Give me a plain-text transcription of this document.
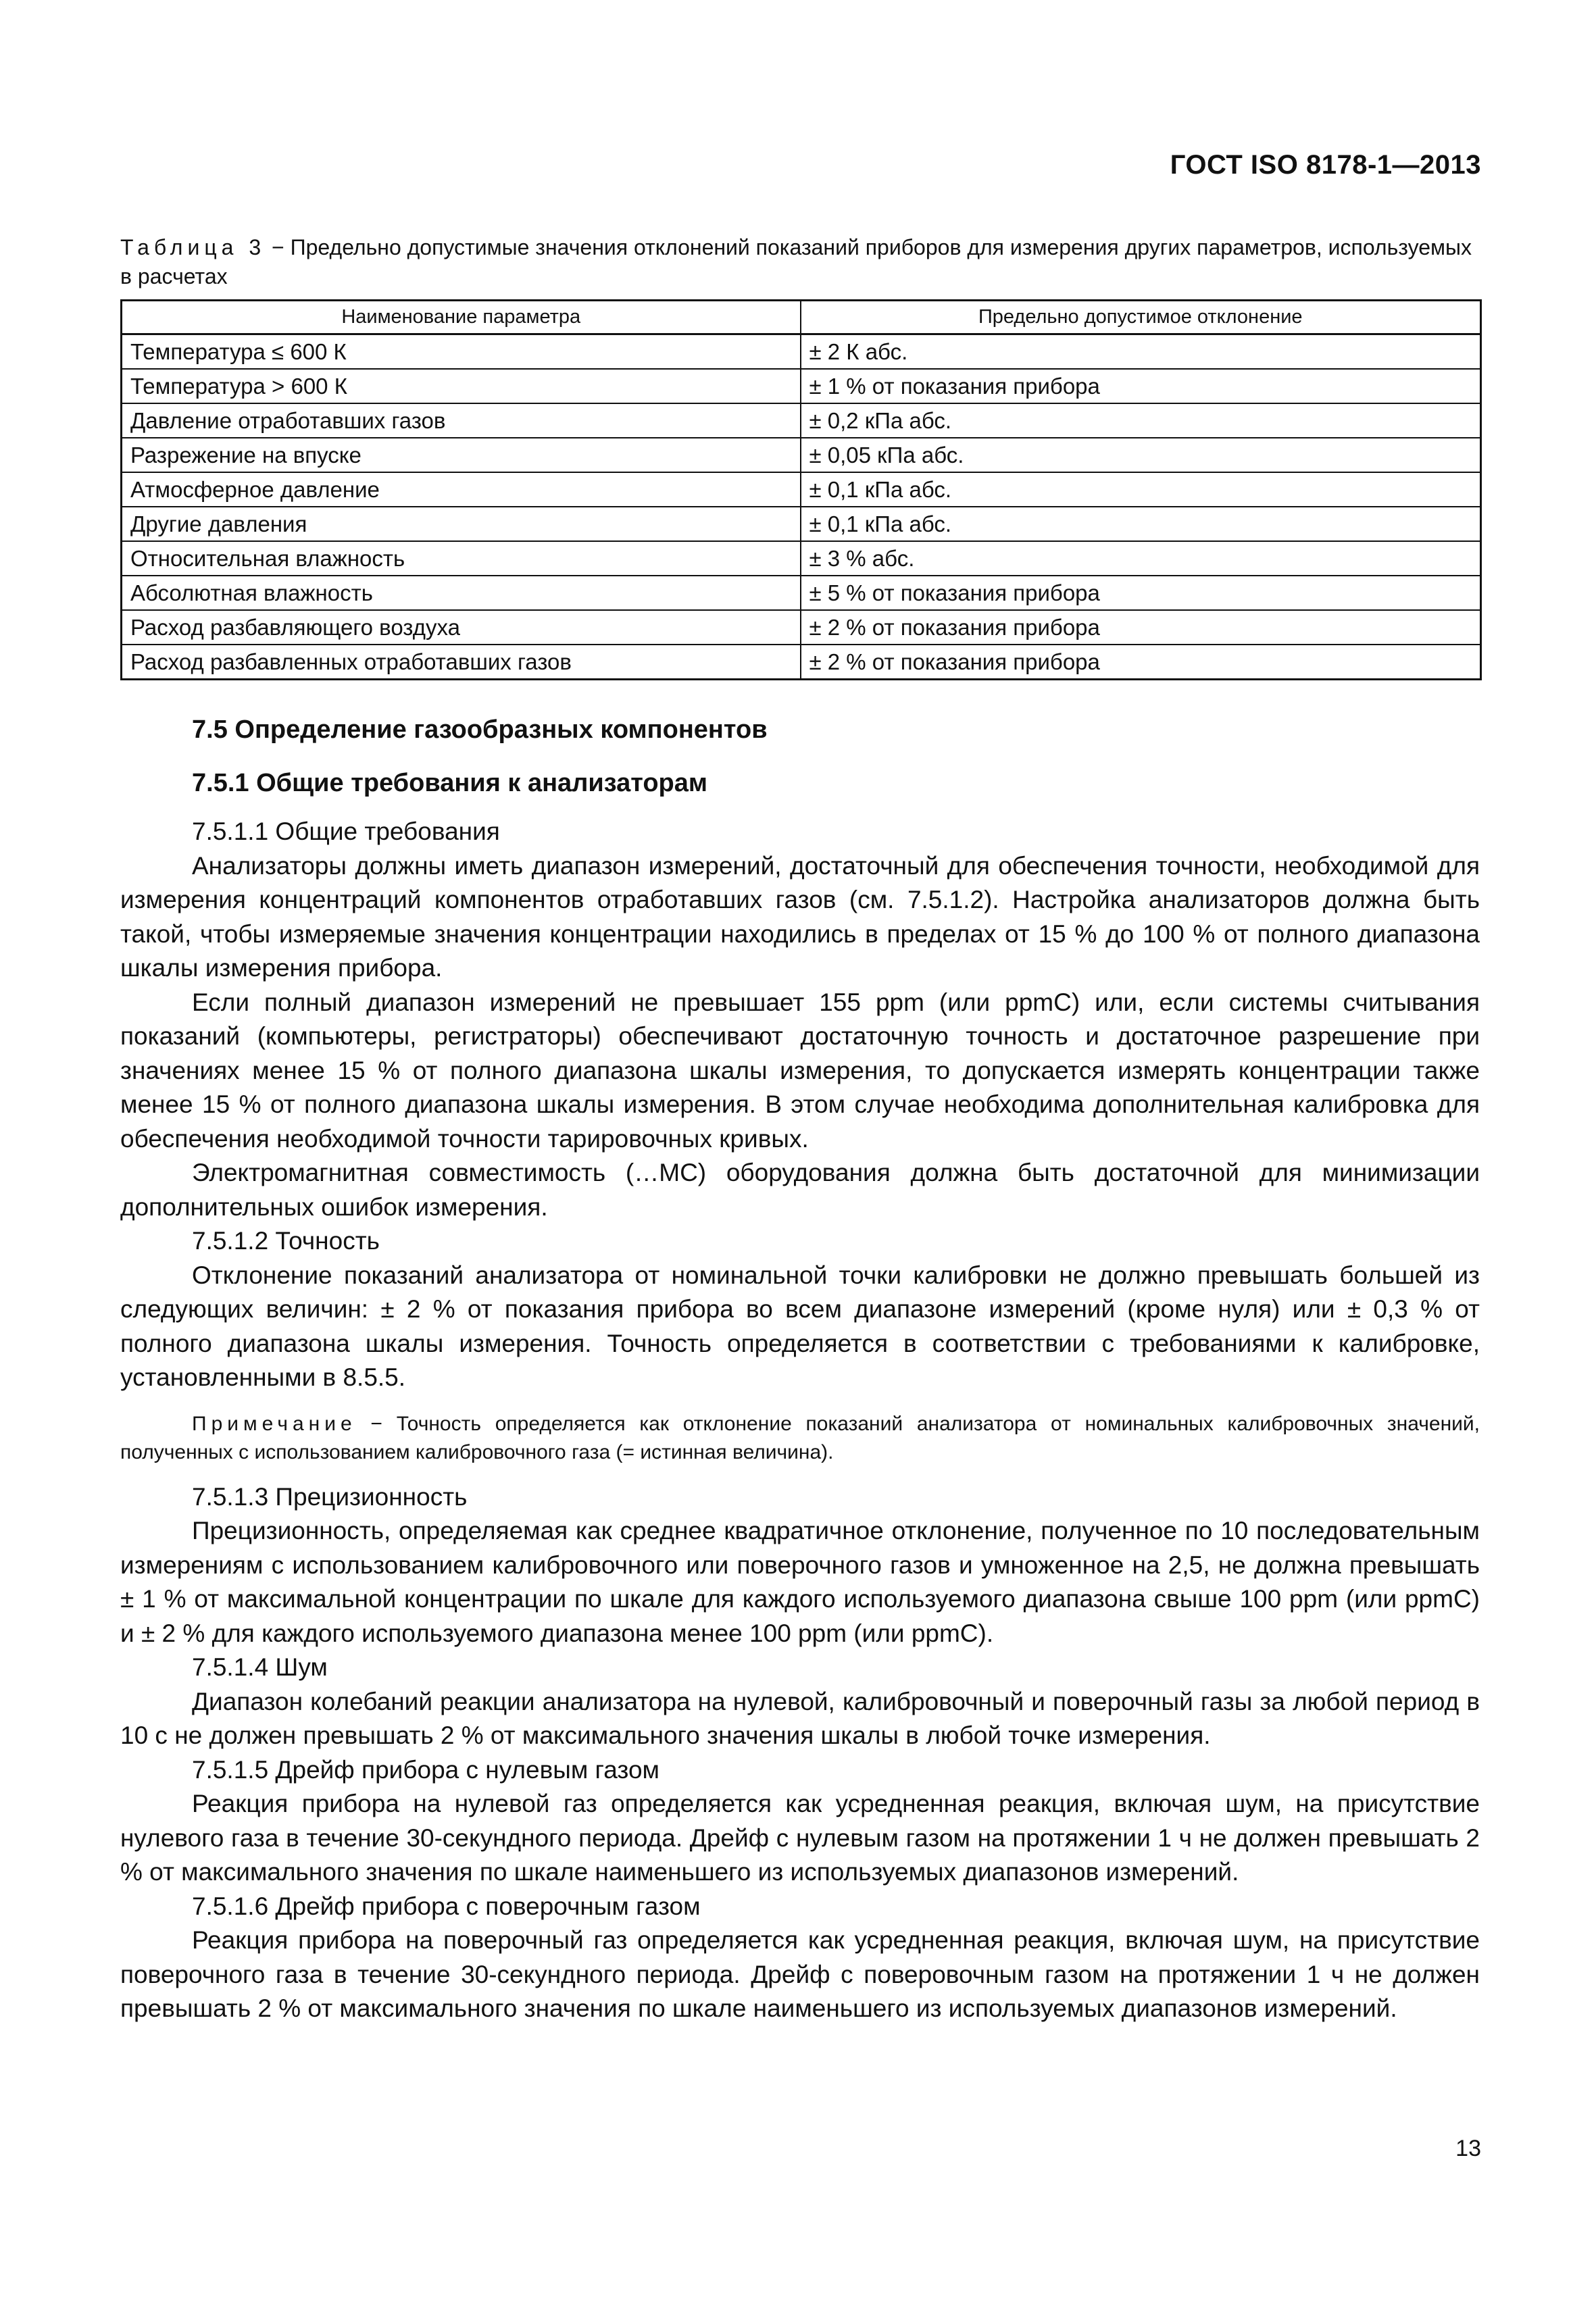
ГОСТ ISO 8178-1—2013
Таблица 3 − Предельно допустимые значения отклонений показаний приборов для измерения других параметров, используемых в расчетах
Наименование параметра	Предельно допустимое отклонение
Температура ≤ 600 К	± 2 К абс.
Температура > 600 К	± 1 % от показания прибора
Давление отработавших газов	± 0,2 кПа абс.
Разрежение на впуске	± 0,05 кПа абс.
Атмосферное давление	± 0,1 кПа абс.
Другие давления	± 0,1 кПа абс.
Относительная влажность	± 3 % абс.
Абсолютная влажность	± 5 % от показания прибора
Расход разбавляющего воздуха	± 2 % от показания прибора
Расход разбавленных отработавших газов	± 2 % от показания прибора

7.5 Определение газообразных компонентов

7.5.1 Общие требования к анализаторам

7.5.1.1 Общие требования

Анализаторы должны иметь диапазон измерений, достаточный для обеспечения точности, необходимой для измерения концентраций компонентов отработавших газов (см. 7.5.1.2). Настройка анализаторов должна быть такой, чтобы измеряемые значения концентрации находились в пределах от 15 % до 100 % от полного диапазона шкалы измерения прибора.

Если полный диапазон измерений не превышает 155 ppm (или ppmC) или, если системы считывания показаний (компьютеры, регистраторы) обеспечивают достаточную точность и достаточное разрешение при значениях менее 15 % от полного диапазона шкалы измерения, то допускается измерять концентрации также менее 15 % от полного диапазона шкалы измерения. В этом случае необходима дополнительная калибровка для обеспечения необходимой точности тарировочных кривых.

Электромагнитная совместимость (…МС) оборудования должна быть достаточной для минимизации дополнительных ошибок измерения.

7.5.1.2 Точность

Отклонение показаний анализатора от номинальной точки калибровки не должно превышать большей из следующих величин: ± 2 % от показания прибора во всем диапазоне измерений (кроме нуля) или ± 0,3 % от полного диапазона шкалы измерения. Точность определяется в соответствии с требованиями к калибровке, установленными в 8.5.5.

Примечание − Точность определяется как отклонение показаний анализатора от номинальных калибровочных значений, полученных с использованием калибровочного газа (= истинная величина).

7.5.1.3 Прецизионность

Прецизионность, определяемая как среднее квадратичное отклонение, полученное по 10 последовательным измерениям с использованием калибровочного или поверочного газов и умноженное на 2,5, не должна превышать ± 1 % от максимальной концентрации по шкале для каждого используемого диапазона свыше 100 ppm (или ppmC) и ± 2 % для каждого используемого диапазона менее 100 ppm (или ppmC).

7.5.1.4 Шум

Диапазон колебаний реакции анализатора на нулевой, калибровочный и поверочный газы за любой период в 10 с не должен превышать 2 % от максимального значения шкалы в любой точке измерения.

7.5.1.5 Дрейф прибора с нулевым газом

Реакция прибора на нулевой газ определяется как усредненная реакция, включая шум, на присутствие нулевого газа в течение 30-секундного периода. Дрейф с нулевым газом на протяжении 1 ч не должен превышать 2 % от максимального значения по шкале наименьшего из используемых диапазонов измерений.

7.5.1.6 Дрейф прибора с поверочным газом

Реакция прибора на поверочный газ определяется как усредненная реакция, включая шум, на присутствие поверочного газа в течение 30-секундного периода. Дрейф с поверовочным газом на протяжении 1 ч не должен превышать 2 % от максимального значения по шкале наименьшего из используемых диапазонов измерений.

13
